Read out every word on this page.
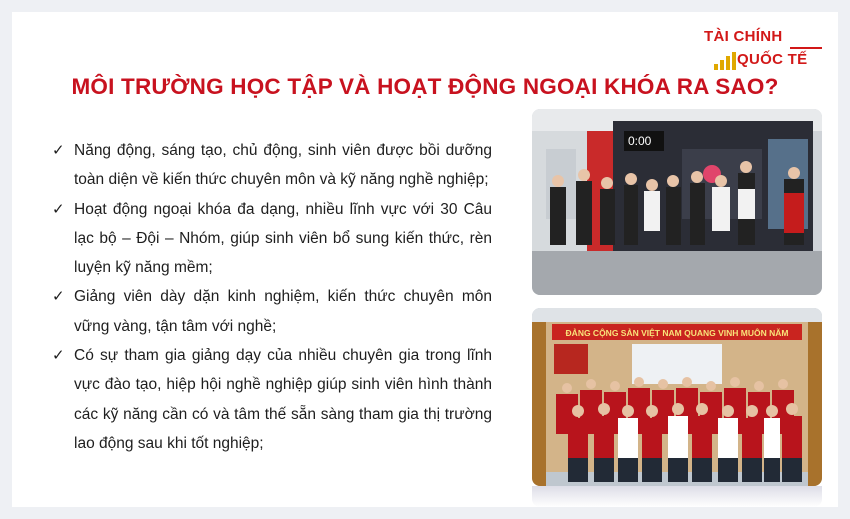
TÀI CHÍNH
QUỐC TẾ
MÔI TRƯỜNG HỌC TẬP VÀ HOẠT ĐỘNG NGOẠI KHÓA RA SAO?
✓ Năng động, sáng tạo, chủ động, sinh viên được bồi dưỡng toàn diện về kiến thức chuyên môn và kỹ năng nghề nghiệp;
✓ Hoạt động ngoại khóa đa dạng, nhiều lĩnh vực với 30 Câu lạc bộ – Đội – Nhóm, giúp sinh viên bổ sung kiến thức, rèn luyện kỹ năng mềm;
✓ Giảng viên dày dặn kinh nghiệm, kiến thức chuyên môn vững vàng, tận tâm với nghề;
✓ Có sự tham gia giảng dạy của nhiều chuyên gia trong lĩnh vực đào tạo, hiệp hội nghề nghiệp giúp sinh viên hình thành các kỹ năng cần có và tâm thế sẵn sàng tham gia thị trường lao động sau khi tốt nghiệp;
0:00
ĐẢNG CỘNG SẢN VIỆT NAM QUANG VINH MUÔN NĂM
